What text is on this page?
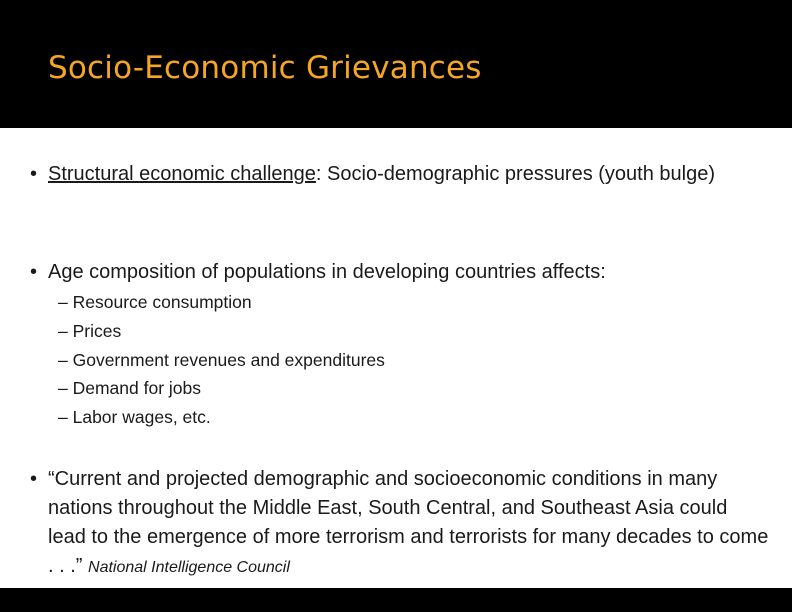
Socio-Economic Grievances
• Structural economic challenge: Socio-demographic pressures (youth bulge)
• Age composition of populations in developing countries affects:
– Resource consumption
– Prices
– Government revenues and expenditures
– Demand for jobs
– Labor wages, etc.
• “Current and projected demographic and socioeconomic conditions in many nations throughout the Middle East, South Central, and Southeast Asia could lead to the emergence of more terrorism and terrorists for many decades to come . . .” National Intelligence Council
